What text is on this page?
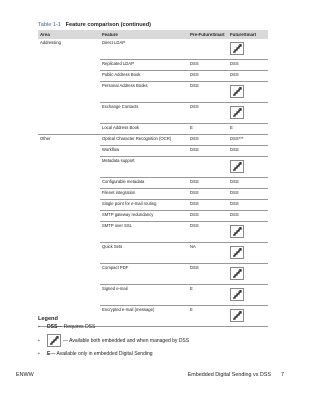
Table 1-1 Feature comparison (continued)
Area	Feature	Pre-FutureSmart	FutureSmart
Addressing	Direct LDAP		

	Replicated LDAP	DSS	DSS
	Public Address Book	DSS	DSS
	Personal Address Books	DSS	

	Exchange Contacts	DSS	

	Local Address Book	E	E
Other	Optical Character Recognition (OCR)	DSS	DSS***
	Workflow	DSS	DSS
	Metadata support		

	Configurable metadata	DSS	DSS
	Filenet integration	DSS	DSS
	Single point for e-mail routing	DSS	DSS
	SMTP gateway redundancy	DSS	DSS
	SMTP over SSL	DSS	

	Quick Sets	NA	

	Compact PDF	DSS	

	Signed e-mail	E	

	Encrypted e-mail (message)	E	
Legend
▪	DSS — Requires DSS
▪	— Available both embedded and when managed by DSS
▪	E — Available only in embedded Digital Sending
ENWW	Embedded Digital Sending vs DSS 7
